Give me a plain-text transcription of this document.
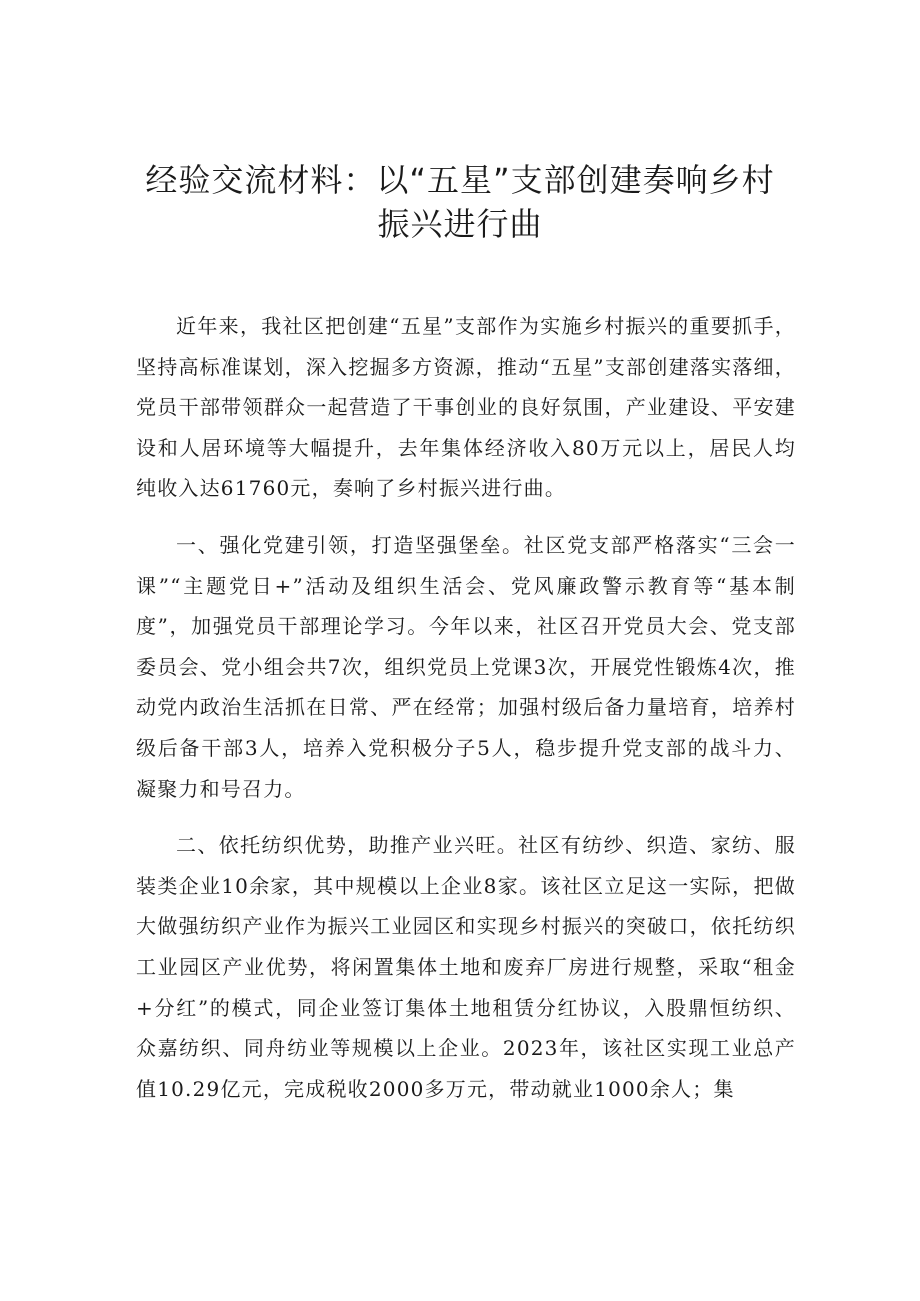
经验交流材料：以“五星”支部创建奏响乡村振兴进行曲

近年来，我社区把创建“五星”支部作为实施乡村振兴的重要抓手，坚持高标准谋划，深入挖掘多方资源，推动“五星”支部创建落实落细，党员干部带领群众一起营造了干事创业的良好氛围，产业建设、平安建设和人居环境等大幅提升，去年集体经济收入80万元以上，居民人均纯收入达61760元，奏响了乡村振兴进行曲。

一、强化党建引领，打造坚强堡垒。社区党支部严格落实“三会一课”“主题党日+”活动及组织生活会、党风廉政警示教育等“基本制度”，加强党员干部理论学习。今年以来，社区召开党员大会、党支部委员会、党小组会共7次，组织党员上党课3次，开展党性锻炼4次，推动党内政治生活抓在日常、严在经常；加强村级后备力量培育，培养村级后备干部3人，培养入党积极分子5人，稳步提升党支部的战斗力、凝聚力和号召力。

二、依托纺织优势，助推产业兴旺。社区有纺纱、织造、家纺、服装类企业10余家，其中规模以上企业8家。该社区立足这一实际，把做大做强纺织产业作为振兴工业园区和实现乡村振兴的突破口，依托纺织工业园区产业优势，将闲置集体土地和废弃厂房进行规整，采取“租金+分红”的模式，同企业签订集体土地租赁分红协议，入股鼎恒纺织、众嘉纺织、同舟纺业等规模以上企业。2023年，该社区实现工业总产值10.29亿元，完成税收2000多万元，带动就业1000余人；集
